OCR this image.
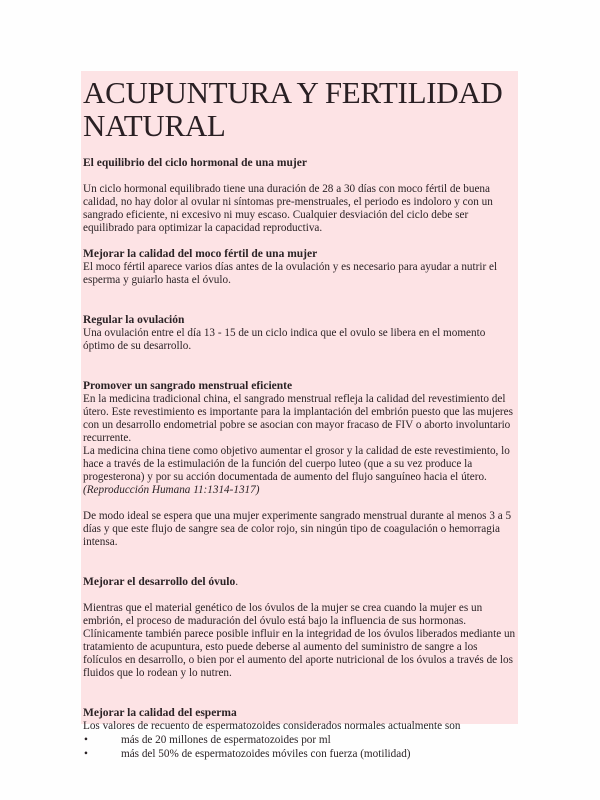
ACUPUNTURA Y FERTILIDAD
NATURAL
El equilibrio del ciclo hormonal de una mujer

Un ciclo hormonal equilibrado tiene una duración de 28 a 30 días con moco fértil de buena calidad, no hay dolor al ovular ni síntomas pre-menstruales, el periodo es indoloro y con un sangrado eficiente, ni excesivo ni muy escaso. Cualquier desviación del ciclo debe ser equilibrado para optimizar la capacidad reproductiva.

Mejorar la calidad del moco fértil de una mujer

El moco fértil aparece varios días antes de la ovulación y es necesario para ayudar a nutrir el esperma y guiarlo hasta el óvulo.

Regular la ovulación

Una ovulación entre el día 13 - 15 de un ciclo indica que el ovulo se libera en el momento óptimo de su desarrollo.

Promover un sangrado menstrual eficiente

En la medicina tradicional china, el sangrado menstrual refleja la calidad del revestimiento del útero. Este revestimiento es importante para la implantación del embrión puesto que las mujeres con un desarrollo endometrial pobre se asocian con mayor fracaso de FIV o aborto involuntario recurrente.

La medicina china tiene como objetivo aumentar el grosor y la calidad de este revestimiento, lo hace a través de la estimulación de la función del cuerpo luteo (que a su vez produce la progesterona) y por su acción documentada de aumento del flujo sanguíneo hacia el útero.

(Reproducción Humana 11:1314-1317)

De modo ideal se espera que una mujer experimente sangrado menstrual durante al menos 3 a 5 días y que este flujo de sangre sea de color rojo, sin ningún tipo de coagulación o hemorragia intensa.

Mejorar el desarrollo del óvulo.

Mientras que el material genético de los óvulos de la mujer se crea cuando la mujer es un embrión, el proceso de maduración del óvulo está bajo la influencia de sus hormonas.

Clínicamente también parece posible influir en la integridad de los óvulos liberados mediante un tratamiento de acupuntura, esto puede deberse al aumento del suministro de sangre a los folículos en desarrollo, o bien por el aumento del aporte nutricional de los óvulos a través de los fluidos que lo rodean y lo nutren.

Mejorar la calidad del esperma

Los valores de recuento de espermatozoides considerados normales actualmente son

•	más de 20 millones de espermatozoides por ml
•	más del 50% de espermatozoides móviles con fuerza (motilidad)
